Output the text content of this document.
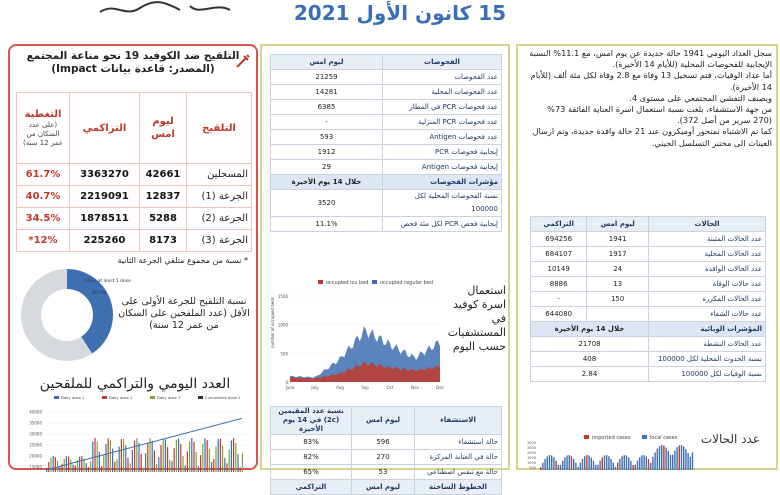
15 كانون الأول 2021
سجل العداد اليومي 1941 حالة جديدة عن يوم امس، مع 11.1% النسبة الإيجابية للفحوصات المحلية (للأيام 14 الأخيرة).
أما عداد الوفيات، فتم تسجيل 13 وفاة مع 2.8 وفاة لكل مئة ألف (للأيام 14 الأخيرة).
ويصنف التفشي المجتمعي على مستوى 4.
من جهة الاستشفاء، بلغت نسبة استعمال اسرة العناية الفائقة 73% (270 سرير من أصل 372).
كما تم الاشتباه بمتحور أوميكرون عند 21 حالة وافدة جديدة، وتم ارسال العينات الى مختبر التسلسل الجيني.
الحالات	ليوم امس	التراكمي
عدد الحالات المثبتة	1941	694256
عدد الحالات المحلية	1917	684107
عدد الحالات الوافدة	24	10149
عدد حالات الوفاة	13	8886
عدد الحالات المكررة	150	-
عدد حالات الشفاء		644080
المؤشرات الوبائية	خلال 14 يوم الأخيرة	
عدد الحالات النشطة	21708	
نسبة الحدوث المحلية لكل 100000	408	
نسبة الوفيات لكل 100000	2.84	
imported cases	local cases
3000
2500
2000
1500
1000
500
عدد الحالات
الفحوصات	ليوم امس
عدد الفحوصات	21259
عدد الفحوصات المحلية	14281
عدد فحوصات PCR في المطار	6385
عدد فحوصات PCR المنزلية	-
عدد فحوصات Antigen	593
إيجابية فحوصات PCR	1912
إيجابية فحوصات Antigen	29
مؤشرات الفحوصات	خلال 14 يوم الأخيرة
نسبة الفحوصات المحلية لكل 100000	3520
إيجابية فحص PCR لكل مئة فحص	11.1%
occupied icu bed occupied regular bed
number of occupied beds
1500
1000
500
0
June	July	Aug	Sep	Oct	Nov	Dec
استعمال اسرة كوفيد في المستشفيات حسب اليوم
الاستشفاء	ليوم امس	نسبة عدد المقيمين (2c) في 14 يوم الأخيرة
حالة استشفاء	596	83%
حالة في العناية المركزة	270	82%
حالة مع تنفس اصطناعي	53	65%
الخطوط الساخنة	ليوم امس	التراكمي
التلقيح ضد الكوفيد 19 نحو مناعة المجتمع
(المصدر: قاعدة بيانات Impact)
التلقيح	ليوم امس	التراكمي	التغطية
(على عدد السكان من عمر 12 سنة)

المسجلين	42661	3363270	61.7%
الجرعة (1)	12837	2219091	40.7%
الجرعة (2)	5288	1878511	34.5%
الجرعة (3)	8173	225260	12%*
* نسبة من مجموع متلقي الجرعة الثانية
12y+ at least 1 dose
40.7%
نسبة التلقيح للجرعة الأولى على الأقل (عدد الملقحين على السكان من عمر 12 سنة)
العدد اليومي والتراكمي للملقحين
Daily dose 1	Daily dose 2	Daily dose 3	Cumulative dose 1
40000
35000
30000
25000
20000
15000
